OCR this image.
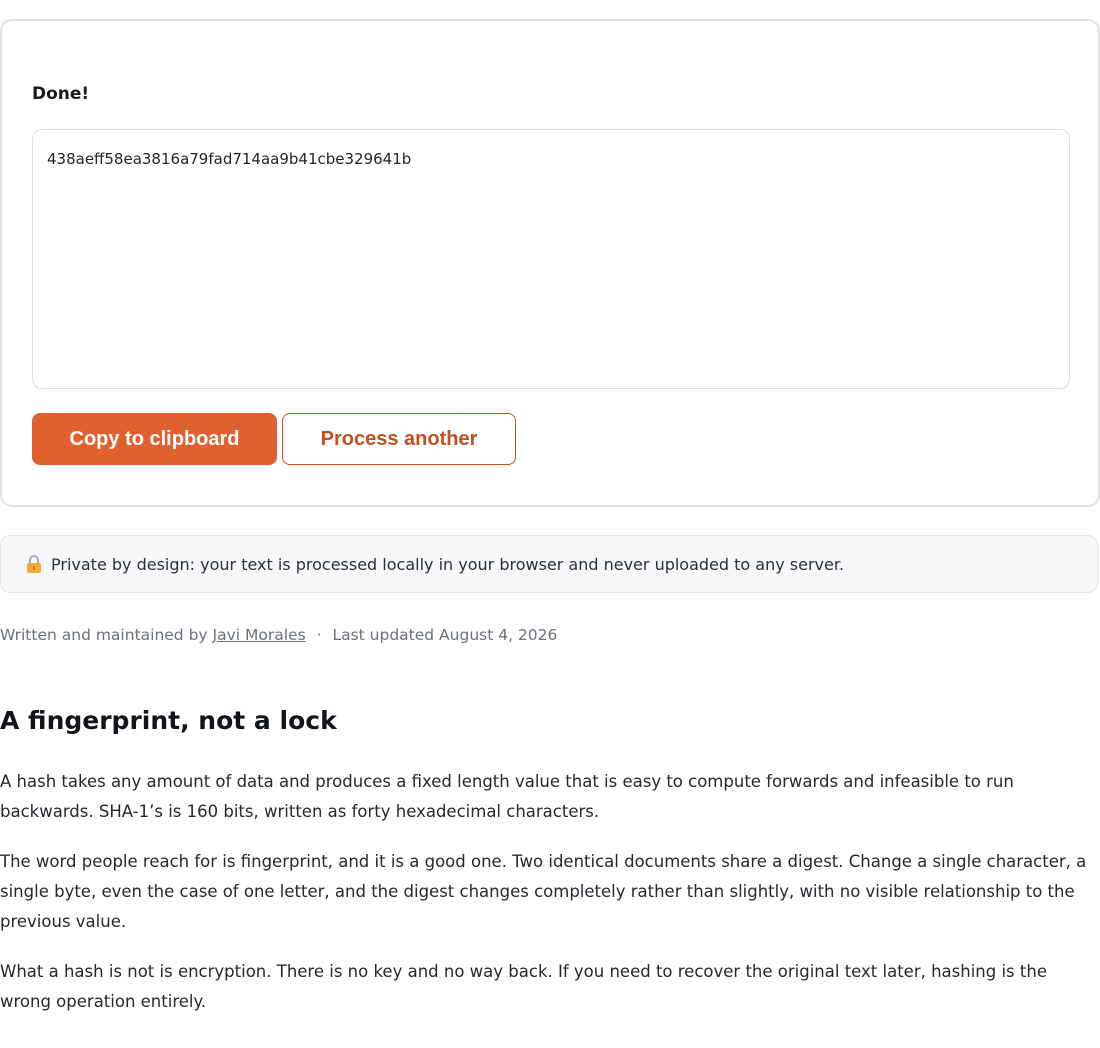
Done!
438aeff58ea3816a79fad714aa9b41cbe329641b
Copy to clipboard	Process another
Private by design: your text is processed locally in your browser and never uploaded to any server.
Written and maintained by Javi Morales · Last updated August 4, 2026
A fingerprint, not a lock

A hash takes any amount of data and produces a fixed length value that is easy to compute forwards and infeasible to run backwards. SHA-1’s is 160 bits, written as forty hexadecimal characters.

The word people reach for is fingerprint, and it is a good one. Two identical documents share a digest. Change a single character, a single byte, even the case of one letter, and the digest changes completely rather than slightly, with no visible relationship to the previous value.

What a hash is not is encryption. There is no key and no way back. If you need to recover the original text later, hashing is the wrong operation entirely.
